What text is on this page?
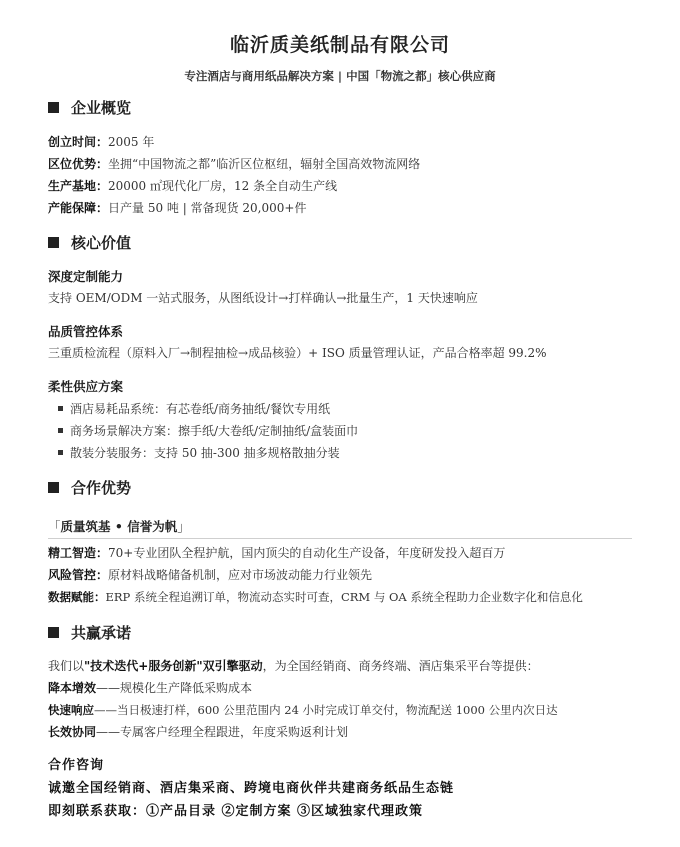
临沂质美纸制品有限公司
专注酒店与商用纸品解决方案 | 中国「物流之都」核心供应商
企业概览
创立时间：2005 年
区位优势：坐拥“中国物流之都”临沂区位枢纽，辐射全国高效物流网络
生产基地：20000 ㎡现代化厂房，12 条全自动生产线
产能保障：日产量 50 吨 | 常备现货 20,000+件
核心价值
深度定制能力
支持 OEM/ODM 一站式服务，从图纸设计→打样确认→批量生产，1 天快速响应
品质管控体系
三重质检流程（原料入厂→制程抽检→成品核验）+ ISO 质量管理认证，产品合格率超 99.2%
柔性供应方案
酒店易耗品系统：有芯卷纸/商务抽纸/餐饮专用纸
商务场景解决方案：擦手纸/大卷纸/定制抽纸/盒装面巾
散装分装服务：支持 50 抽-300 抽多规格散抽分装
合作优势
「质量筑基 • 信誉为帆」
精工智造：70+专业团队全程护航，国内顶尖的自动化生产设备，年度研发投入超百万
风险管控：原材料战略储备机制，应对市场波动能力行业领先
数据赋能：ERP 系统全程追溯订单，物流动态实时可查，CRM 与 OA 系统全程助力企业数字化和信息化
共赢承诺
我们以"技术迭代+服务创新"双引擎驱动，为全国经销商、商务终端、酒店集采平台等提供：
降本增效——规模化生产降低采购成本
快速响应——当日极速打样，600 公里范围内 24 小时完成订单交付，物流配送 1000 公里内次日达
长效协同——专属客户经理全程跟进，年度采购返利计划
合作咨询
诚邀全国经销商、酒店集采商、跨境电商伙伴共建商务纸品生态链
即刻联系获取：①产品目录 ②定制方案 ③区域独家代理政策
